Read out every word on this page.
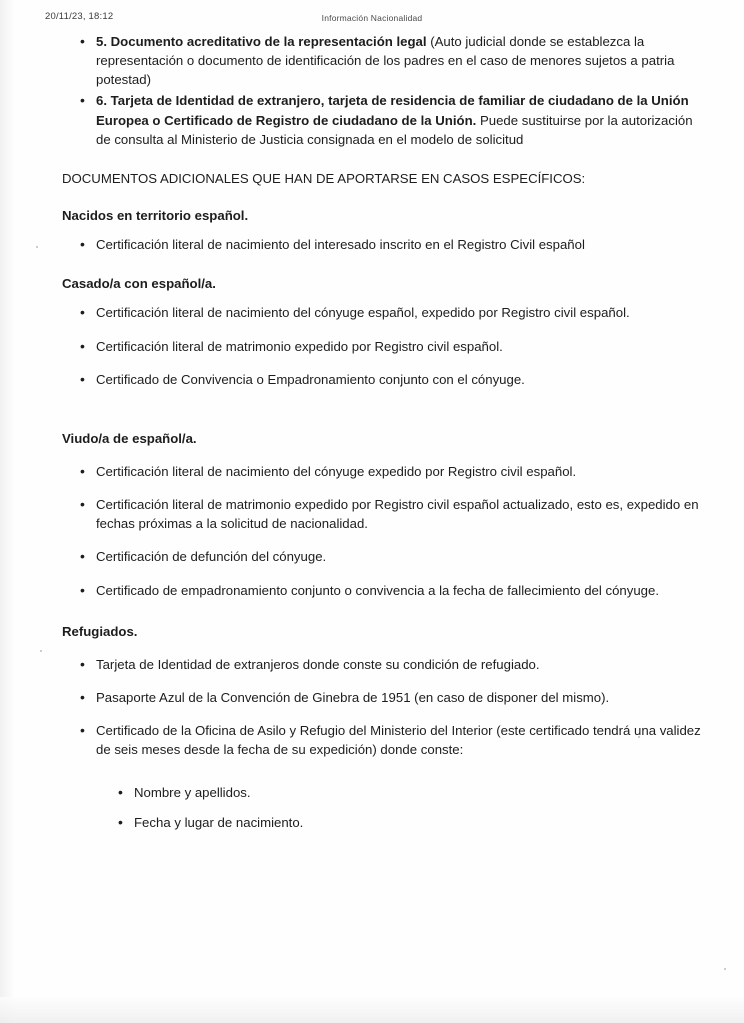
20/11/23, 18:12	Información Nacionalidad
• 5. Documento acreditativo de la representación legal (Auto judicial donde se establezca la representación o documento de identificación de los padres en el caso de menores sujetos a patria potestad)
• 6. Tarjeta de Identidad de extranjero, tarjeta de residencia de familiar de ciudadano de la Unión Europea o Certificado de Registro de ciudadano de la Unión. Puede sustituirse por la autorización de consulta al Ministerio de Justicia consignada en el modelo de solicitud

DOCUMENTOS ADICIONALES QUE HAN DE APORTARSE EN CASOS ESPECÍFICOS:

Nacidos en territorio español.

• Certificación literal de nacimiento del interesado inscrito en el Registro Civil español

Casado/a con español/a.

• Certificación literal de nacimiento del cónyuge español, expedido por Registro civil español.
• Certificación literal de matrimonio expedido por Registro civil español.
• Certificado de Convivencia o Empadronamiento conjunto con el cónyuge.

Viudo/a de español/a.

• Certificación literal de nacimiento del cónyuge expedido por Registro civil español.
• Certificación literal de matrimonio expedido por Registro civil español actualizado, esto es, expedido en fechas próximas a la solicitud de nacionalidad.
• Certificación de defunción del cónyuge.
• Certificado de empadronamiento conjunto o convivencia a la fecha de fallecimiento del cónyuge.

Refugiados.

• Tarjeta de Identidad de extranjeros donde conste su condición de refugiado.
• Pasaporte Azul de la Convención de Ginebra de 1951 (en caso de disponer del mismo).
• Certificado de la Oficina de Asilo y Refugio del Ministerio del Interior (este certificado tendrá una validez de seis meses desde la fecha de su expedición) donde conste:
• Nombre y apellidos.
• Fecha y lugar de nacimiento.
